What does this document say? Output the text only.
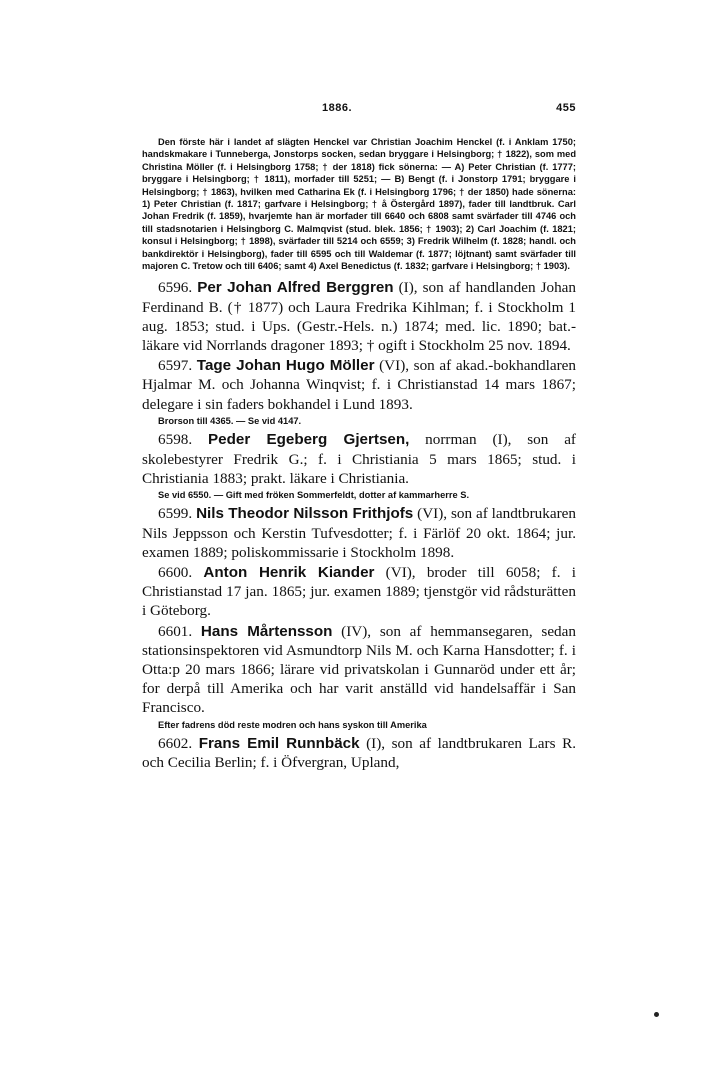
1886.	455
Den förste här i landet af slägten Henckel var Christian Joachim Henckel (f. i Anklam 1750; handskmakare i Tunneberga, Jonstorps socken, sedan bryggare i Helsingborg; † 1822), som med Christina Möller (f. i Helsingborg 1758; † der 1818) fick sönerna: — A) Peter Christian (f. 1777; bryggare i Helsingborg; † 1811), morfader till 5251; — B) Bengt (f. i Jonstorp 1791; bryggare i Helsingborg; † 1863), hvilken med Catharina Ek (f. i Helsingborg 1796; † der 1850) hade sönerna: 1) Peter Christian (f. 1817; garfvare i Helsingborg; † å Östergård 1897), fader till landtbruk. Carl Johan Fredrik (f. 1859), hvarjemte han är morfader till 6640 och 6808 samt svärfader till 4746 och till stadsnotarien i Helsingborg C. Malmqvist (stud. blek. 1856; † 1903); 2) Carl Joachim (f. 1821; konsul i Helsingborg; † 1898), svärfader till 5214 och 6559; 3) Fredrik Wilhelm (f. 1828; handl. och bankdirektör i Helsingborg), fader till 6595 och till Waldemar (f. 1877; löjtnant) samt svärfader till majoren C. Tretow och till 6406; samt 4) Axel Benedictus (f. 1832; garfvare i Helsingborg; † 1903).
6596. Per Johan Alfred Berggren (I), son af handlanden Johan Ferdinand B. († 1877) och Laura Fredrika Kihlman; f. i Stockholm 1 aug. 1853; stud. i Ups. (Gestr.-Hels. n.) 1874; med. lic. 1890; bat.-läkare vid Norrlands dragoner 1893; † ogift i Stockholm 25 nov. 1894.
6597. Tage Johan Hugo Möller (VI), son af akad.-bokhandlaren Hjalmar M. och Johanna Winqvist; f. i Christianstad 14 mars 1867; delegare i sin faders bokhandel i Lund 1893.
Brorson till 4365. — Se vid 4147.
6598. Peder Egeberg Gjertsen, norrman (I), son af skolebestyrer Fredrik G.; f. i Christiania 5 mars 1865; stud. i Christiania 1883; prakt. läkare i Christiania.
Se vid 6550. — Gift med fröken Sommerfeldt, dotter af kammarherre S.
6599. Nils Theodor Nilsson Frithjofs (VI), son af landtbrukaren Nils Jeppsson och Kerstin Tufvesdotter; f. i Färlöf 20 okt. 1864; jur. examen 1889; poliskommissarie i Stockholm 1898.
6600. Anton Henrik Kiander (VI), broder till 6058; f. i Christianstad 17 jan. 1865; jur. examen 1889; tjenstgör vid rådsturätten i Göteborg.
6601. Hans Mårtensson (IV), son af hemmansegaren, sedan stationsinspektoren vid Asmundtorp Nils M. och Karna Hansdotter; f. i Otta:p 20 mars 1866; lärare vid privatskolan i Gunnaröd under ett år; for derpå till Amerika och har varit anställd vid handelsaffär i San Francisco.
Efter fadrens död reste modren och hans syskon till Amerika
6602. Frans Emil Runnbäck (I), son af landtbrukaren Lars R. och Cecilia Berlin; f. i Öfvergran, Upland,
